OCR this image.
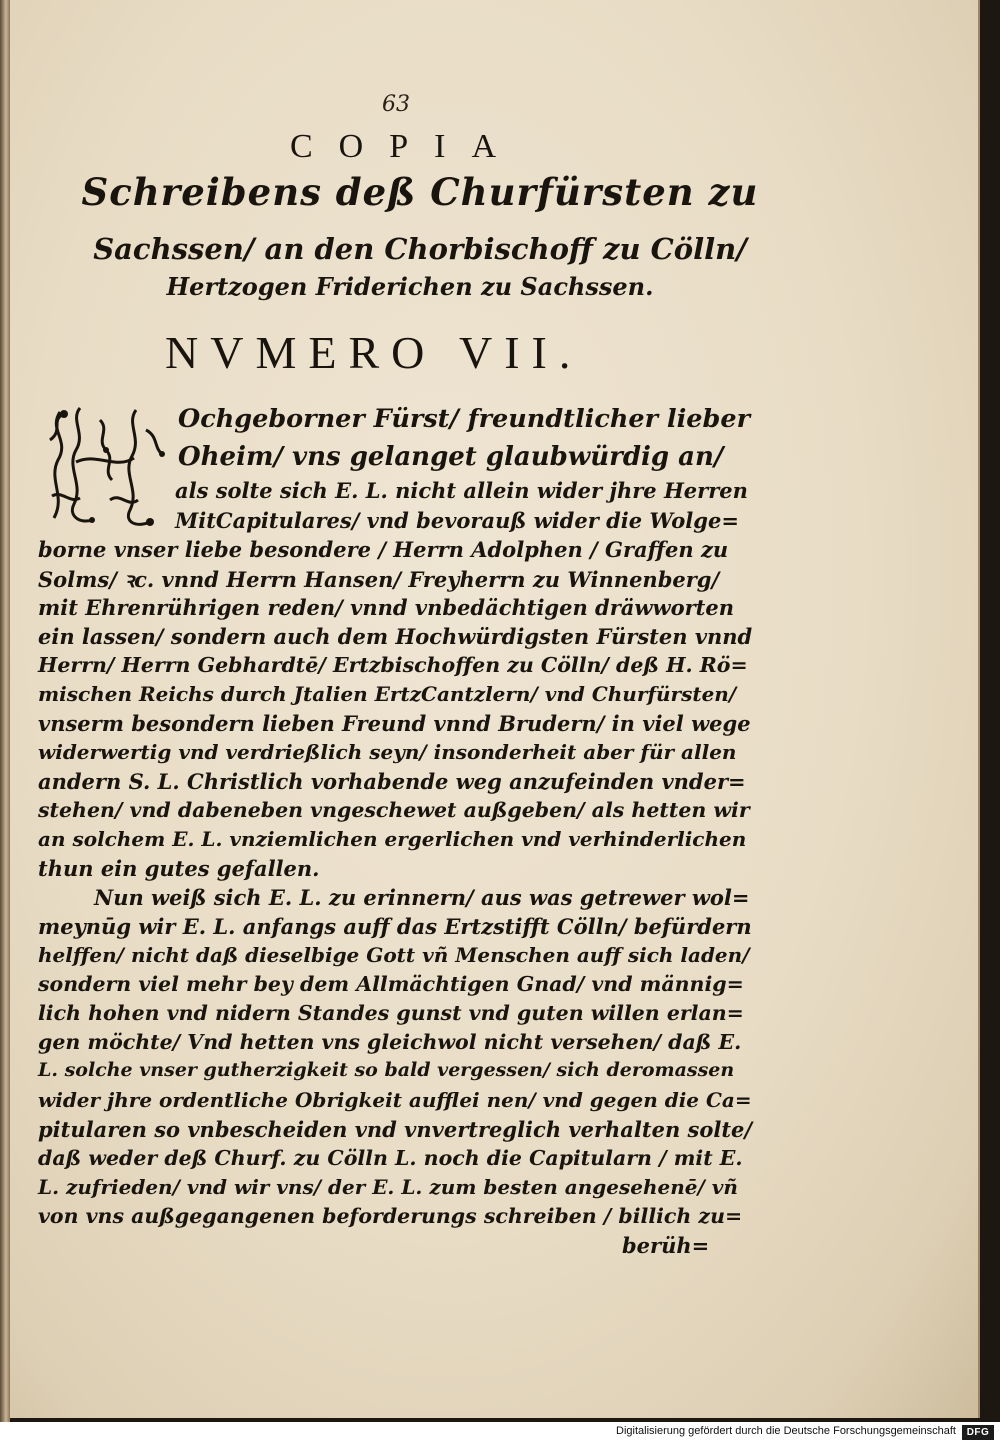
63
COPIA
Schreibens deß Churfürsten zu
Sachssen/ an den Chorbischoff zu Cölln/
Hertzogen Friderichen zu Sachssen.
NVMERO VII.
Ochgeborner Fürst/ freundtlicher lieber
Oheim/ vns gelanget glaubwürdig an/
als solte sich E. L. nicht allein wider jhre Herren
MitCapitulares/ vnd bevorauß wider die Wolge=
borne vnser liebe besondere / Herrn Adolphen / Graffen zu
Solms/ ꝛc. vnnd Herrn Hansen/ Freyherrn zu Winnenberg/
mit Ehrenrührigen reden/ vnnd vnbedächtigen dräwworten
ein lassen/ sondern auch dem Hochwürdigsten Fürsten vnnd
Herrn/ Herrn Gebhardtē/ Ertzbischoffen zu Cölln/ deß H. Rö=
mischen Reichs durch Jtalien ErtzCantzlern/ vnd Churfürsten/
vnserm besondern lieben Freund vnnd Brudern/ in viel wege
widerwertig vnd verdrießlich seyn/ insonderheit aber für allen
andern S. L. Christlich vorhabende weg anzufeinden vnder=
stehen/ vnd dabeneben vngeschewet außgeben/ als hetten wir
an solchem E. L. vnziemlichen ergerlichen vnd verhinderlichen
thun ein gutes gefallen.
Nun weiß sich E. L. zu erinnern/ aus was getrewer wol=
meynūg wir E. L. anfangs auff das Ertzstifft Cölln/ befürdern
helffen/ nicht daß dieselbige Gott vñ Menschen auff sich laden/
sondern viel mehr bey dem Allmächtigen Gnad/ vnd männig=
lich hohen vnd nidern Standes gunst vnd guten willen erlan=
gen möchte/ Vnd hetten vns gleichwol nicht versehen/ daß E.
L. solche vnser gutherzigkeit so bald vergessen/ sich deromassen
wider jhre ordentliche Obrigkeit aufflei nen/ vnd gegen die Ca=
pitularen so vnbescheiden vnd vnvertreglich verhalten solte/
daß weder deß Churf. zu Cölln L. noch die Capitularn / mit E.
L. zufrieden/ vnd wir vns/ der E. L. zum besten angesehenē/ vñ
von vns außgegangenen beforderungs schreiben / billich zu=
berüh=
Digitalisierung gefördert durch die Deutsche Forschungsgemeinschaft	DFG
